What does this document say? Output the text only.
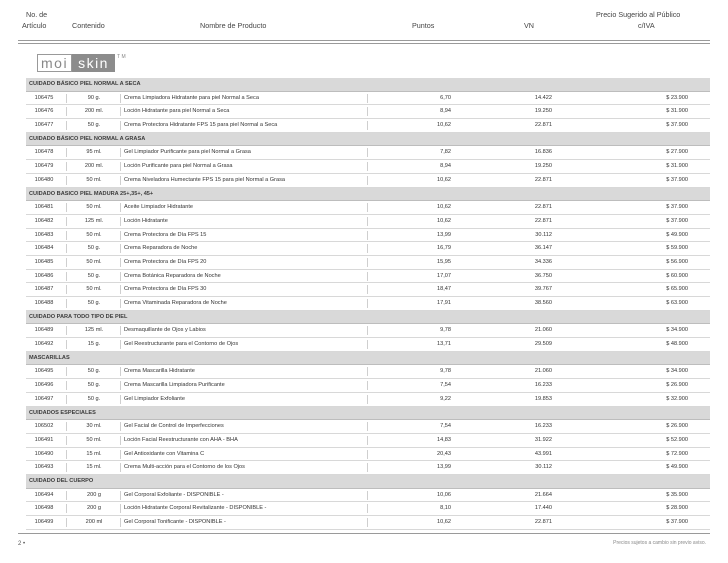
No. de
Artículo	Contenido	Nombre de Producto	Puntos	VN
Precio Sugerido al Público
c/IVA
moi skin	TM
CUIDADO BÁSICO PIEL NORMAL A SECA
106475	90 g.	Crema Limpiadora Hidratante para piel Normal a Seca	6,70	14.422	$ 23.900
106476	200 ml.	Loción Hidratante para piel Normal a Seca	8,94	19.250	$ 31.900
106477	50 g.	Crema Protectora Hidratante FPS 15 para piel Normal a Seca	10,62	22.871	$ 37.900
CUIDADO BÁSICO PIEL NORMAL A GRASA
106478	95 ml.	Gel Limpiador Purificante para piel Normal a Grasa	7,82	16.836	$ 27.900
106479	200 ml.	Loción Purificante para piel Normal a Grasa	8,94	19.250	$ 31.900
106480	50 ml.	Crema Niveladora Humectante FPS 15 para piel Normal a Grasa	10,62	22.871	$ 37.900
CUIDADO BASICO PIEL MADURA 25+,35+, 45+
106481	50 ml.	Aceite Limpiador Hidratante	10,62	22.871	$ 37.900
106482	125 ml.	Loción Hidratante	10,62	22.871	$ 37.900
106483	50 ml.	Crema Protectora de Día FPS 15	13,99	30.112	$ 49.900
106484	50 g.	Crema Reparadora de Noche	16,79	36.147	$ 59.900
106485	50 ml.	Crema Protectora de Día FPS 20	15,95	34.336	$ 56.900
106486	50 g.	Crema Botánica Reparadora de Noche	17,07	36.750	$ 60.900
106487	50 ml.	Crema Protectora de Día FPS 30	18,47	39.767	$ 65.900
106488	50 g.	Crema Vitaminada Reparadora de Noche	17,91	38.560	$ 63.900
CUIDADO PARA TODO TIPO DE PIEL
106489	125 ml.	Desmaquillante de Ojos y Labios	9,78	21.060	$ 34.900
106492	15 g.	Gel Reestructurante para el Contorno de Ojos	13,71	29.509	$ 48.900
MASCARILLAS
106495	50 g.	Crema Mascarilla Hidratante	9,78	21.060	$ 34.900
106496	50 g.	Crema Mascarilla Limpiadora Purificante	7,54	16.233	$ 26.900
106497	50 g.	Gel Limpiador Exfoliante	9,22	19.853	$ 32.900
CUIDADOS ESPECIALES
106502	30 ml.	Gel Facial de Control de Imperfecciones	7,54	16.233	$ 26.900
106491	50 ml.	Loción Facial Reestructurante con AHA - BHA	14,83	31.922	$ 52.900
106490	15 ml.	Gel Antioxidante con Vitamina C	20,43	43.991	$ 72.900
106493	15 ml.	Crema Multi-acción para el Contorno de los Ojos	13,99	30.112	$ 49.900
CUIDADO DEL CUERPO
106494	200 g	Gel Corporal Exfoliante - DISPONIBLE -	10,06	21.664	$ 35.900
106498	200 g	Loción Hidratante Corporal Revitalizante - DISPONIBLE -	8,10	17.440	$ 28.900
106499	200 ml	Gel Corporal Tonificante - DISPONIBLE -	10,62	22.871	$ 37.900
2 •	Precios sujetos a cambio sin previo aviso.
